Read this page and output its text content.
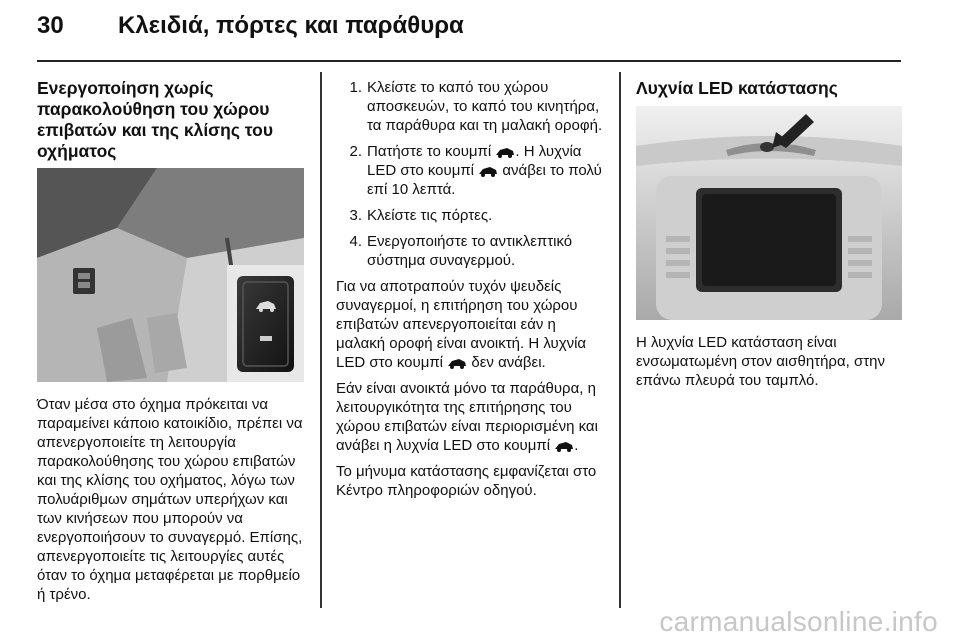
30 Κλειδιά, πόρτες και παράθυρα
Ενεργοποίηση χωρίς παρακολούθηση του χώρου επιβατών και της κλίσης του οχήματος

Όταν μέσα στο όχημα πρόκειται να παραμείνει κάποιο κατοικίδιο, πρέπει να απενεργοποιείτε τη λειτουργία παρακολούθησης του χώρου επιβατών και της κλίσης του οχήματος, λόγω των πολυάριθμων σημάτων υπερήχων και των κινήσεων που μπορούν να ενεργοποιήσουν το συναγερμό. Επίσης, απενεργοποιείτε τις λειτουργίες αυτές όταν το όχημα μεταφέρεται με πορθμείο ή τρένο.

1. Κλείστε το καπό του χώρου αποσκευών, το καπό του κινητήρα, τα παράθυρα και τη μαλακή οροφή.
2. Πατήστε το κουμπί . Η λυχνία LED στο κουμπί ανάβει το πολύ επί 10 λεπτά.
3. Κλείστε τις πόρτες.
4. Ενεργοποιήστε το αντικλεπτικό σύστημα συναγερμού.

Για να αποτραπούν τυχόν ψευδείς συναγερμοί, η επιτήρηση του χώρου επιβατών απενεργοποιείται εάν η μαλακή οροφή είναι ανοικτή. Η λυχνία LED στο κουμπί δεν ανάβει.

Εάν είναι ανοικτά μόνο τα παράθυρα, η λειτουργικότητα της επιτήρησης του χώρου επιβατών είναι περιορισμένη και ανάβει η λυχνία LED στο κουμπί .

Το μήνυμα κατάστασης εμφανίζεται στο Κέντρο πληροφοριών οδηγού.

Λυχνία LED κατάστασης

Η λυχνία LED κατάσταση είναι ενσωματωμένη στον αισθητήρα, στην επάνω πλευρά του ταμπλό.

carmanualsonline.info
